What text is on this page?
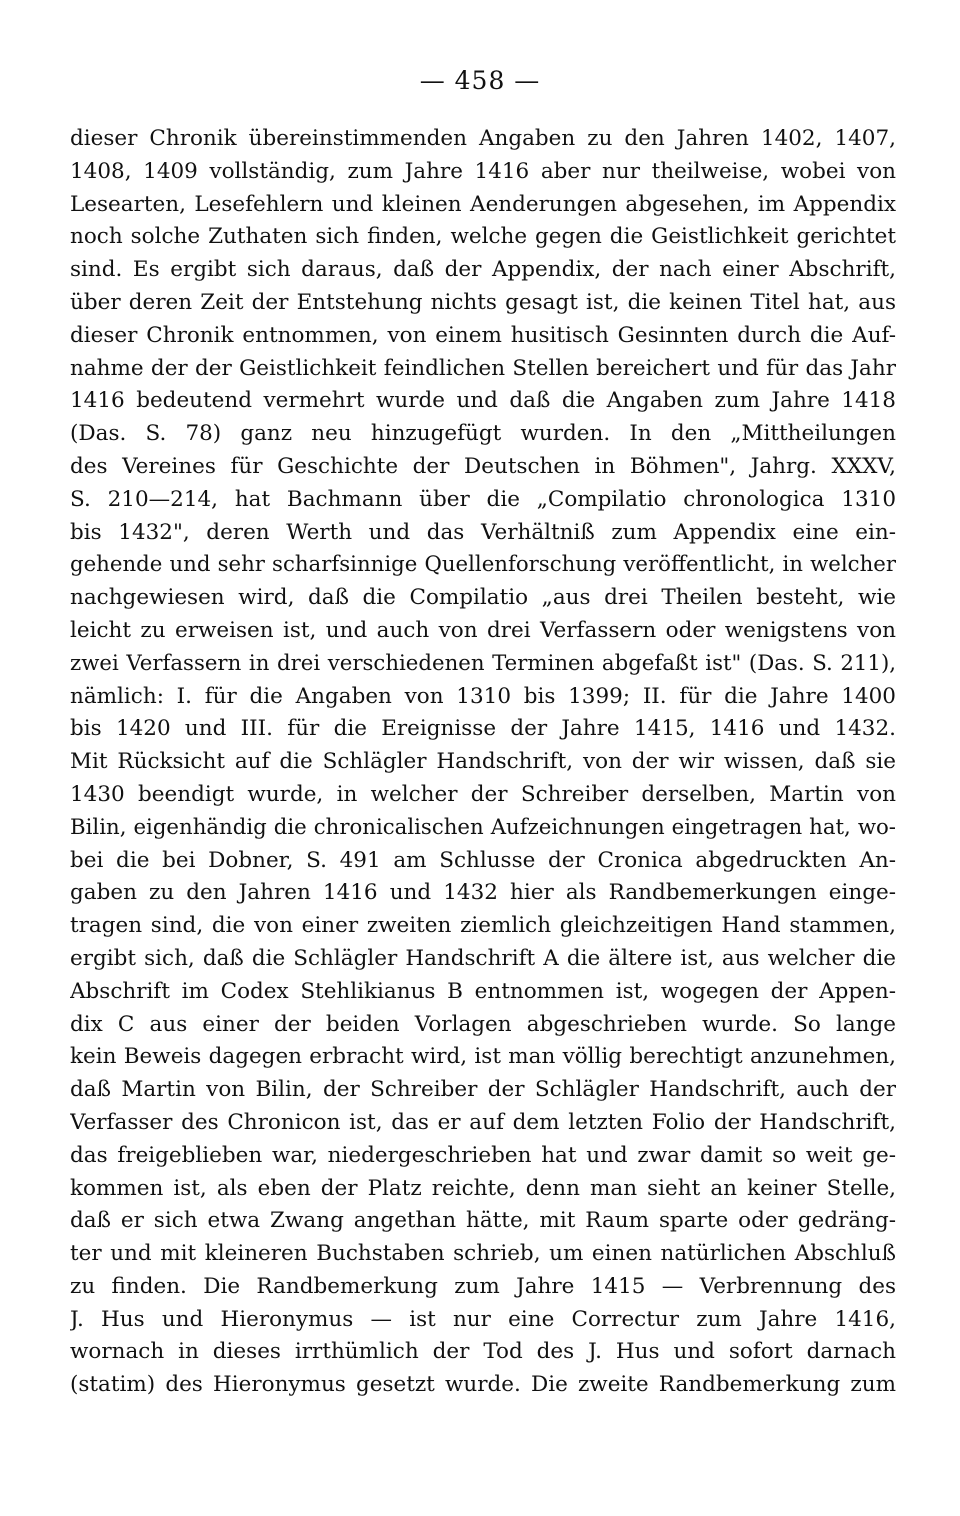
— 458 —
dieser Chronik übereinstimmenden Angaben zu den Jahren 1402, 1407,
1408, 1409 vollständig, zum Jahre 1416 aber nur theilweise, wobei von
Lesearten, Lesefehlern und kleinen Aenderungen abgesehen, im Appendix
noch solche Zuthaten sich finden, welche gegen die Geistlichkeit gerichtet
sind. Es ergibt sich daraus, daß der Appendix, der nach einer Abschrift,
über deren Zeit der Entstehung nichts gesagt ist, die keinen Titel hat, aus
dieser Chronik entnommen, von einem husitisch Gesinnten durch die Auf-
nahme der der Geistlichkeit feindlichen Stellen bereichert und für das Jahr
1416 bedeutend vermehrt wurde und daß die Angaben zum Jahre 1418
(Das. S. 78) ganz neu hinzugefügt wurden. In den „Mittheilungen
des Vereines für Geschichte der Deutschen in Böhmen", Jahrg. XXXV,
S. 210—214, hat Bachmann über die „Compilatio chronologica 1310
bis 1432", deren Werth und das Verhältniß zum Appendix eine ein-
gehende und sehr scharfsinnige Quellenforschung veröffentlicht, in welcher
nachgewiesen wird, daß die Compilatio „aus drei Theilen besteht, wie
leicht zu erweisen ist, und auch von drei Verfassern oder wenigstens von
zwei Verfassern in drei verschiedenen Terminen abgefaßt ist" (Das. S. 211),
nämlich: I. für die Angaben von 1310 bis 1399; II. für die Jahre 1400
bis 1420 und III. für die Ereignisse der Jahre 1415, 1416 und 1432.
Mit Rücksicht auf die Schlägler Handschrift, von der wir wissen, daß sie
1430 beendigt wurde, in welcher der Schreiber derselben, Martin von
Bilin, eigenhändig die chronicalischen Aufzeichnungen eingetragen hat, wo-
bei die bei Dobner, S. 491 am Schlusse der Cronica abgedruckten An-
gaben zu den Jahren 1416 und 1432 hier als Randbemerkungen einge-
tragen sind, die von einer zweiten ziemlich gleichzeitigen Hand stammen,
ergibt sich, daß die Schlägler Handschrift A die ältere ist, aus welcher die
Abschrift im Codex Stehlikianus B entnommen ist, wogegen der Appen-
dix C aus einer der beiden Vorlagen abgeschrieben wurde. So lange
kein Beweis dagegen erbracht wird, ist man völlig berechtigt anzunehmen,
daß Martin von Bilin, der Schreiber der Schlägler Handschrift, auch der
Verfasser des Chronicon ist, das er auf dem letzten Folio der Handschrift,
das freigeblieben war, niedergeschrieben hat und zwar damit so weit ge-
kommen ist, als eben der Platz reichte, denn man sieht an keiner Stelle,
daß er sich etwa Zwang angethan hätte, mit Raum sparte oder gedräng-
ter und mit kleineren Buchstaben schrieb, um einen natürlichen Abschluß
zu finden. Die Randbemerkung zum Jahre 1415 — Verbrennung des
J. Hus und Hieronymus — ist nur eine Correctur zum Jahre 1416,
wornach in dieses irrthümlich der Tod des J. Hus und sofort darnach
(statim) des Hieronymus gesetzt wurde. Die zweite Randbemerkung zum
